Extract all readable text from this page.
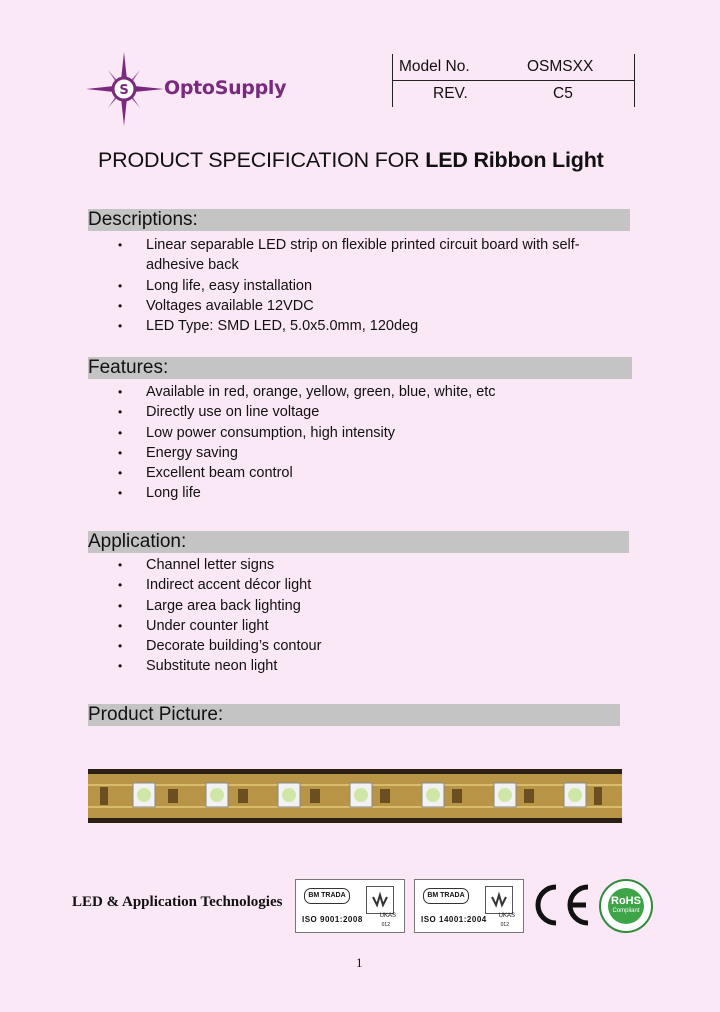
S OptoSupply
Model No.	OSMSXX
REV.	C5
PRODUCT SPECIFICATION FOR LED Ribbon Light
Descriptions:
• Linear separable LED strip on flexible printed circuit board with self-
adhesive back
• Long life, easy installation
• Voltages available 12VDC
• LED Type: SMD LED, 5.0x5.0mm, 120deg
Features:
• Available in red, orange, yellow, green, blue, white, etc
• Directly use on line voltage
• Low power consumption, high intensity
• Energy saving
• Excellent beam control
• Long life
Application:
• Channel letter signs
• Indirect accent décor light
• Large area back lighting
• Under counter light
• Decorate building’s contour
• Substitute neon light
Product Picture:
LED & Application Technologies	BM TRADA
UKAS
012
ISO 9001:2008
BM TRADA
UKAS
012
ISO 14001:2004
RoHS
Compliant
1
